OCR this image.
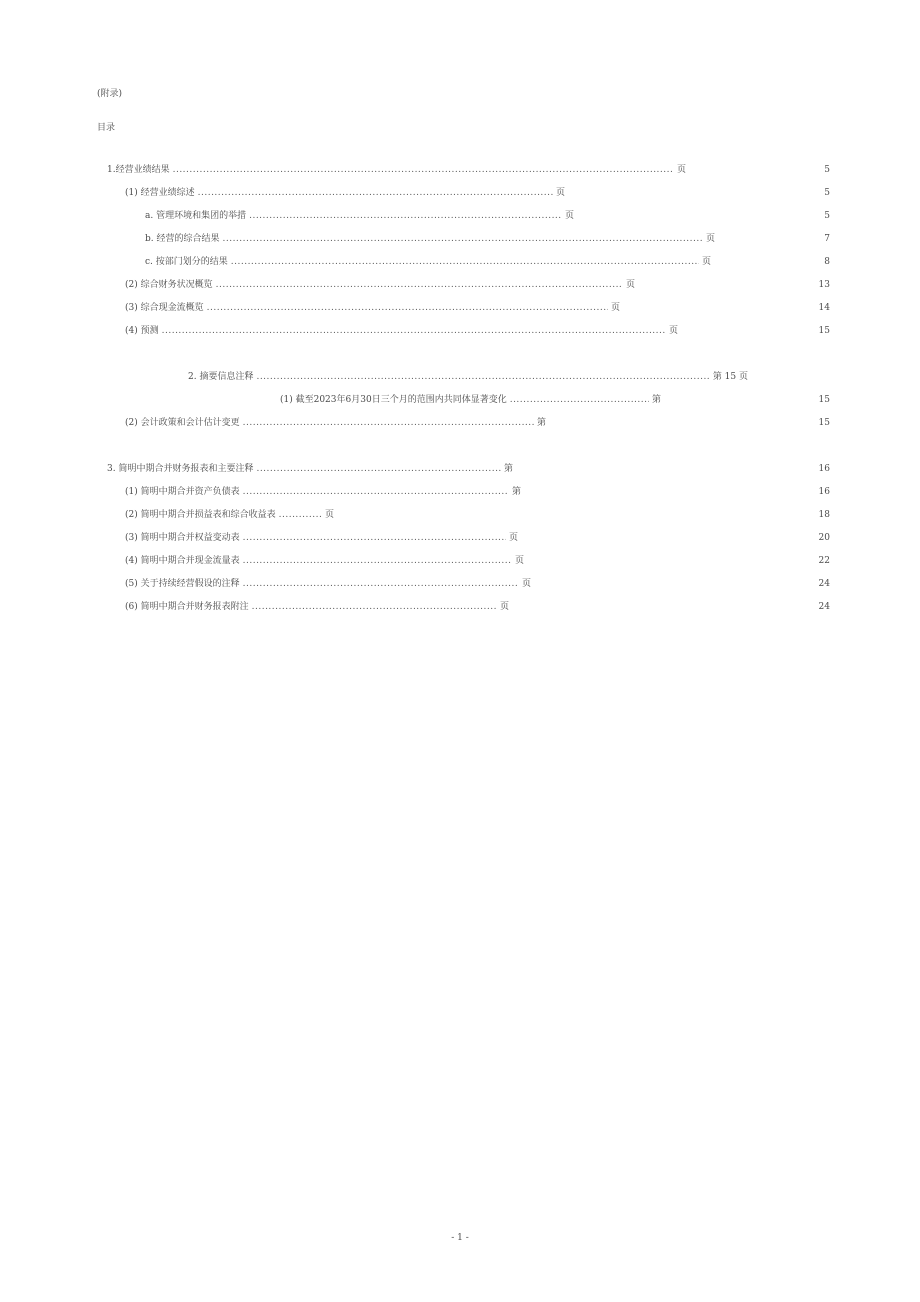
(附录)
目录
1.经营业绩结果 .....	页	5
(1) 经营业绩综述 .....	页	5
a. 管理环境和集团的举措 .....	页	5
b. 经营的综合结果 .....	页	7
c. 按部门划分的结果 .....	页	8
(2) 综合财务状况概览 .....	页	13
(3) 综合现金流概览 .....	页	14
(4) 预测 .....	页	15
2. 摘要信息注释 .....	第 15 页
(1) 截至2023年6月30日三个月的范围内共同体显著变化 .....	第	15
(2) 会计政策和会计估计变更 .....	第	15
3. 简明中期合并财务报表和主要注释 .....	第	16
(1) 简明中期合并资产负债表 .....	第	16
(2) 简明中期合并损益表和综合收益表 .....	页	18
(3) 简明中期合并权益变动表 .....	页	20
(4) 简明中期合并现金流量表 .....	页	22
(5) 关于持续经营假设的注释 .....	页	24
(6) 简明中期合并财务报表附注 .....	页	24
- 1 -
